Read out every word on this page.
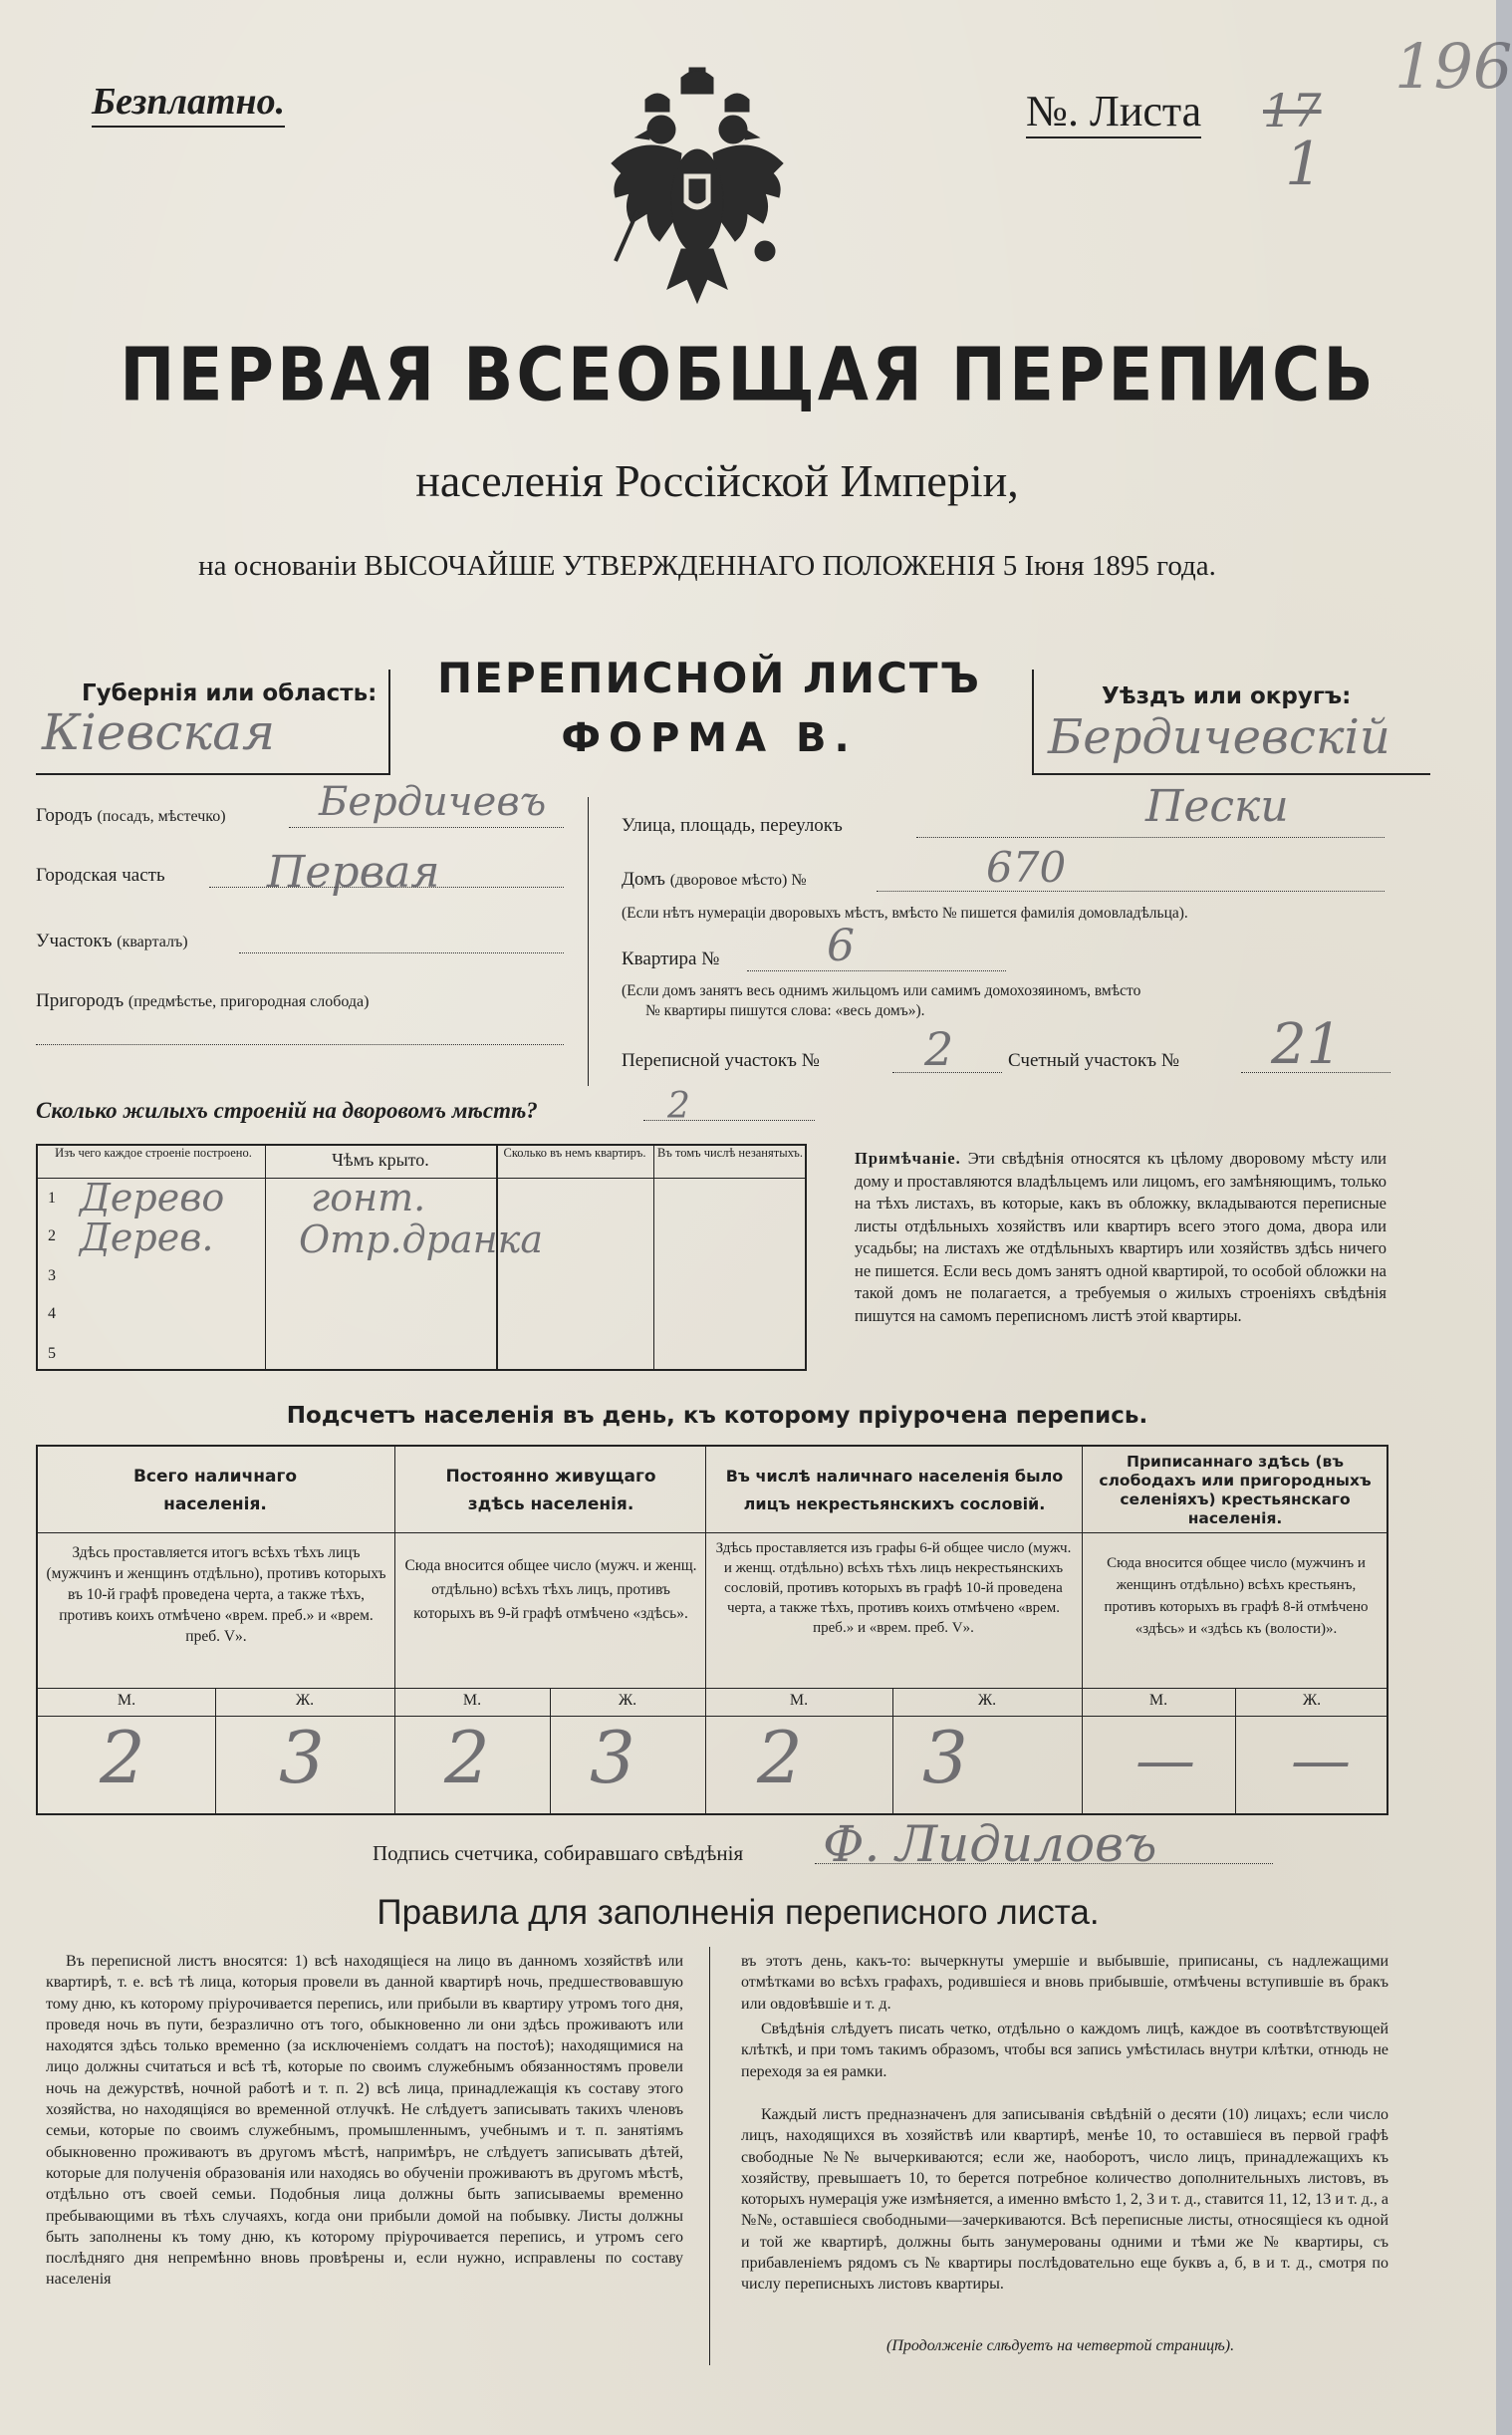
Безплатно.	№. Листа 17
1
196
ПЕРВАЯ ВСЕОБЩАЯ ПЕРЕПИСЬ
населенія Россійской Имперіи,
на основаніи ВЫСОЧАЙШЕ УТВЕРЖДЕННАГО ПОЛОЖЕНІЯ 5 Іюня 1895 года.
Губернія или область:
Кіевская
ПЕРЕПИСНОЙ ЛИСТЪ
ФОРМА В.
Уѣздъ или округъ:
Бердичевскій
Городъ (посадъ, мѣстечко) Бердичевъ
Городская часть Первая
Участокъ (кварталъ)
Пригородъ (предмѣстье, пригородная слобода)
Улица, площадь, переулокъ	Пески
Домъ (дворовое мѣсто) №	670
(Если нѣтъ нумераціи дворовыхъ мѣстъ, вмѣсто № пишется фамилія домовладѣльца).
Квартира № 6
(Если домъ занятъ весь однимъ жильцомъ или самимъ домохозяиномъ, вмѣсто
№ квартиры пишутся слова: «весь домъ»).
Переписной участокъ № 2	Счетный участокъ № 21
Сколько жилыхъ строеній на дворовомъ мѣстѣ?	2
Изъ чего каждое строеніе построено.	Чѣмъ крыто.	Сколько въ немъ квартиръ. Въ томъ числѣ незанятыхъ.
1 Дерево гонт.
2 Дерев. Отр.дранка
3
4
5
Примѣчаніе. Эти свѣдѣнія относятся къ цѣлому дворовому мѣсту или дому и проставляются владѣльцемъ или лицомъ, его замѣняющимъ, только на тѣхъ листахъ, въ которые, какъ въ обложку, вкладываются переписные листы отдѣльныхъ хозяйствъ или квартиръ всего этого дома, двора или усадьбы; на листахъ же отдѣльныхъ квартиръ или хозяйствъ здѣсь ничего не пишется. Если весь домъ занятъ одной квартирой, то особой обложки на такой домъ не полагается, а требуемыя о жилыхъ строеніяхъ свѣдѣнія пишутся на самомъ переписномъ листѣ этой квартиры.
Подсчетъ населенія въ день, къ которому пріурочена перепись.
Всего наличнаго населенія.
Здѣсь проставляется итогъ всѣхъ тѣхъ лицъ (мужчинъ и женщинъ отдѣльно), противъ которыхъ въ 10-й графѣ проведена черта, а также тѣхъ, противъ коихъ отмѣчено «врем. преб.» и «врем. преб. V».
М.	Ж.
2 3
Постоянно живущаго здѣсь населенія.
Сюда вносится общее число (мужч. и женщ. отдѣльно) всѣхъ тѣхъ лицъ, противъ которыхъ въ 9-й графѣ отмѣчено «здѣсь».
М.	Ж.
2 3
Въ числѣ наличнаго населенія было лицъ некрестьянскихъ сословій.
Здѣсь проставляется изъ графы 6-й общее число (мужч. и женщ. отдѣльно) всѣхъ тѣхъ лицъ некрестьянскихъ сословій, противъ которыхъ въ графѣ 10-й проведена черта, а также тѣхъ, противъ коихъ отмѣчено «врем. преб.» и «врем. преб. V».
М.	Ж.
2 3
Приписаннаго здѣсь (въ слободахъ или пригородныхъ селеніяхъ) крестьянскаго населенія.
Сюда вносится общее число (мужчинъ и женщинъ отдѣльно) всѣхъ крестьянъ, противъ которыхъ въ графѣ 8-й отмѣчено «здѣсь» и «здѣсь къ (волости)».
М.	Ж.
— —
Подпись счетчика, собиравшаго свѣдѣнія Ф. Лидиловъ
Правила для заполненія переписного листа.
Въ переписной листъ вносятся: 1) всѣ находящіеся на лицо въ данномъ хозяйствѣ или квартирѣ, т. е. всѣ тѣ лица, которыя провели въ данной квартирѣ ночь, предшествовавшую тому дню, къ которому пріурочивается перепись, или прибыли въ квартиру утромъ того дня, проведя ночь въ пути, безразлично отъ того, обыкновенно ли они здѣсь проживаютъ или находятся здѣсь только временно (за исключеніемъ солдатъ на постоѣ); находящимися на лицо должны считаться и всѣ тѣ, которые по своимъ служебнымъ обязанностямъ провели ночь на дежурствѣ, ночной работѣ и т. п. 2) всѣ лица, принадлежащія къ составу этого хозяйства, но находящіяся во временной отлучкѣ. Не слѣдуетъ записывать такихъ членовъ семьи, которые по своимъ служебнымъ, промышленнымъ, учебнымъ и т. п. занятіямъ обыкновенно проживаютъ въ другомъ мѣстѣ, напримѣръ, не слѣдуетъ записывать дѣтей, которые для полученія образованія или находясь во обученіи проживаютъ въ другомъ мѣстѣ, отдѣльно отъ своей семьи. Подобныя лица должны быть записываемы временно пребывающими въ тѣхъ случаяхъ, когда они прибыли домой на побывку. Листы должны быть заполнены къ тому дню, къ которому пріурочивается перепись, и утромъ сего послѣдняго дня непремѣнно вновь провѣрены и, если нужно, исправлены по составу населенія
въ этотъ день, какъ-то: вычеркнуты умершіе и выбывшіе, приписаны, съ надлежащими отмѣтками во всѣхъ графахъ, родившіеся и вновь прибывшіе, отмѣчены вступившіе въ бракъ или овдовѣвшіе и т. д.
Свѣдѣнія слѣдуетъ писать четко, отдѣльно о каждомъ лицѣ, каждое въ соотвѣтствующей клѣткѣ, и при томъ такимъ образомъ, чтобы вся запись умѣстилась внутри клѣтки, отнюдь не переходя за ея рамки.
Каждый листъ предназначенъ для записыванія свѣдѣній о десяти (10) лицахъ; если число лицъ, находящихся въ хозяйствѣ или квартирѣ, менѣе 10, то оставшіеся въ первой графѣ свободные №№ вычеркиваются; если же, наоборотъ, число лицъ, принадлежащихъ къ хозяйству, превышаетъ 10, то берется потребное количество дополнительныхъ листовъ, въ которыхъ нумерація уже измѣняется, а именно вмѣсто 1, 2, 3 и т. д., ставится 11, 12, 13 и т. д., а №№, оставшіеся свободными—зачеркиваются. Всѣ переписные листы, относящіеся къ одной и той же квартирѣ, должны быть занумерованы одними и тѣми же № квартиры, съ прибавленіемъ рядомъ съ № квартиры послѣдовательно еще буквъ а, б, в и т. д., смотря по числу переписныхъ листовъ квартиры.
(Продолженіе слѣдуетъ на четвертой страницѣ).
